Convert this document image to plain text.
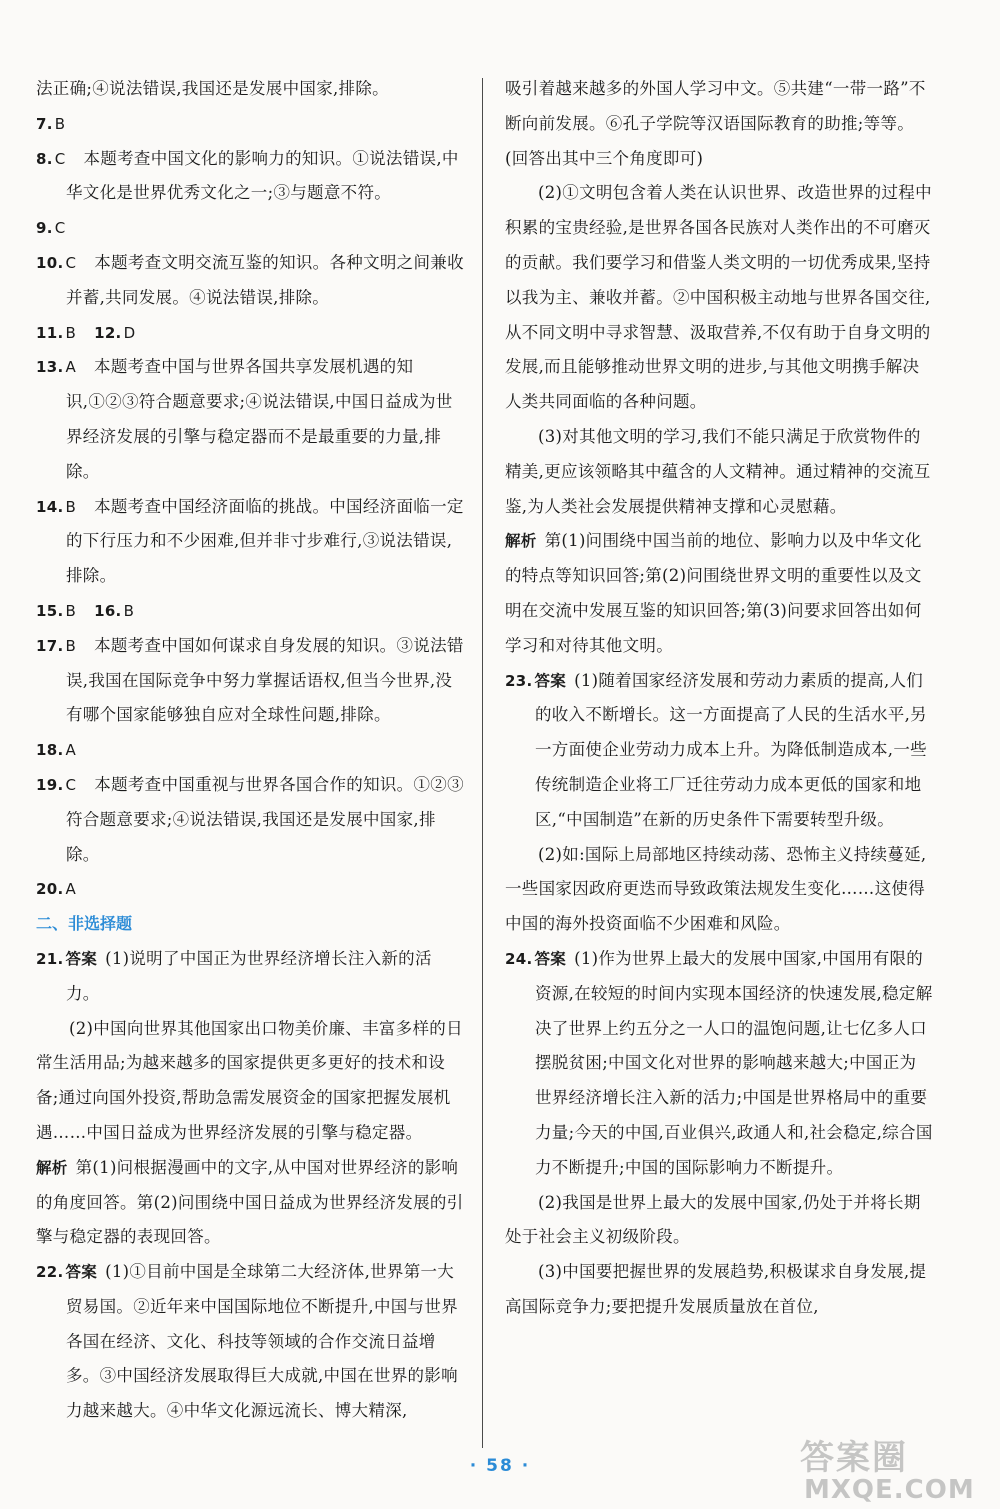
法正确;④说法错误,我国还是发展中国家,排除。
7. B
8. C 本题考查中国文化的影响力的知识。①说法错误,中华文化是世界优秀文化之一;③与题意不符。
9. C
10. C 本题考查文明交流互鉴的知识。各种文明之间兼收并蓄,共同发展。④说法错误,排除。
11. B 12. D
13. A 本题考查中国与世界各国共享发展机遇的知识,①②③符合题意要求;④说法错误,中国日益成为世界经济发展的引擎与稳定器而不是最重要的力量,排除。
14. B 本题考查中国经济面临的挑战。中国经济面临一定的下行压力和不少困难,但并非寸步难行,③说法错误,排除。
15. B 16. B
17. B 本题考查中国如何谋求自身发展的知识。③说法错误,我国在国际竞争中努力掌握话语权,但当今世界,没有哪个国家能够独自应对全球性问题,排除。
18. A
19. C 本题考查中国重视与世界各国合作的知识。①②③符合题意要求;④说法错误,我国还是发展中国家,排除。
20. A
二、非选择题
21. 答案 (1)说明了中国正为世界经济增长注入新的活力。
(2)中国向世界其他国家出口物美价廉、丰富多样的日常生活用品;为越来越多的国家提供更多更好的技术和设备;通过向国外投资,帮助急需发展资金的国家把握发展机遇……中国日益成为世界经济发展的引擎与稳定器。
解析 第(1)问根据漫画中的文字,从中国对世界经济的影响的角度回答。第(2)问围绕中国日益成为世界经济发展的引擎与稳定器的表现回答。
22. 答案 (1)①目前中国是全球第二大经济体,世界第一大贸易国。②近年来中国国际地位不断提升,中国与世界各国在经济、文化、科技等领域的合作交流日益增多。③中国经济发展取得巨大成就,中国在世界的影响力越来越大。④中华文化源远流长、博大精深,
吸引着越来越多的外国人学习中文。⑤共建“一带一路”不断向前发展。⑥孔子学院等汉语国际教育的助推;等等。(回答出其中三个角度即可)
(2)①文明包含着人类在认识世界、改造世界的过程中积累的宝贵经验,是世界各国各民族对人类作出的不可磨灭的贡献。我们要学习和借鉴人类文明的一切优秀成果,坚持以我为主、兼收并蓄。②中国积极主动地与世界各国交往,从不同文明中寻求智慧、汲取营养,不仅有助于自身文明的发展,而且能够推动世界文明的进步,与其他文明携手解决人类共同面临的各种问题。
(3)对其他文明的学习,我们不能只满足于欣赏物件的精美,更应该领略其中蕴含的人文精神。通过精神的交流互鉴,为人类社会发展提供精神支撑和心灵慰藉。
解析 第(1)问围绕中国当前的地位、影响力以及中华文化的特点等知识回答;第(2)问围绕世界文明的重要性以及文明在交流中发展互鉴的知识回答;第(3)问要求回答出如何学习和对待其他文明。
23. 答案 (1)随着国家经济发展和劳动力素质的提高,人们的收入不断增长。这一方面提高了人民的生活水平,另一方面使企业劳动力成本上升。为降低制造成本,一些传统制造企业将工厂迁往劳动力成本更低的国家和地区,“中国制造”在新的历史条件下需要转型升级。
(2)如:国际上局部地区持续动荡、恐怖主义持续蔓延,一些国家因政府更迭而导致政策法规发生变化……这使得中国的海外投资面临不少困难和风险。
24. 答案 (1)作为世界上最大的发展中国家,中国用有限的资源,在较短的时间内实现本国经济的快速发展,稳定解决了世界上约五分之一人口的温饱问题,让七亿多人口摆脱贫困;中国文化对世界的影响越来越大;中国正为世界经济增长注入新的活力;中国是世界格局中的重要力量;今天的中国,百业俱兴,政通人和,社会稳定,综合国力不断提升;中国的国际影响力不断提升。
(2)我国是世界上最大的发展中国家,仍处于并将长期处于社会主义初级阶段。
(3)中国要把握世界的发展趋势,积极谋求自身发展,提高国际竞争力;要把提升发展质量放在首位,
· 58 ·	答案圈
MXQE.COM
